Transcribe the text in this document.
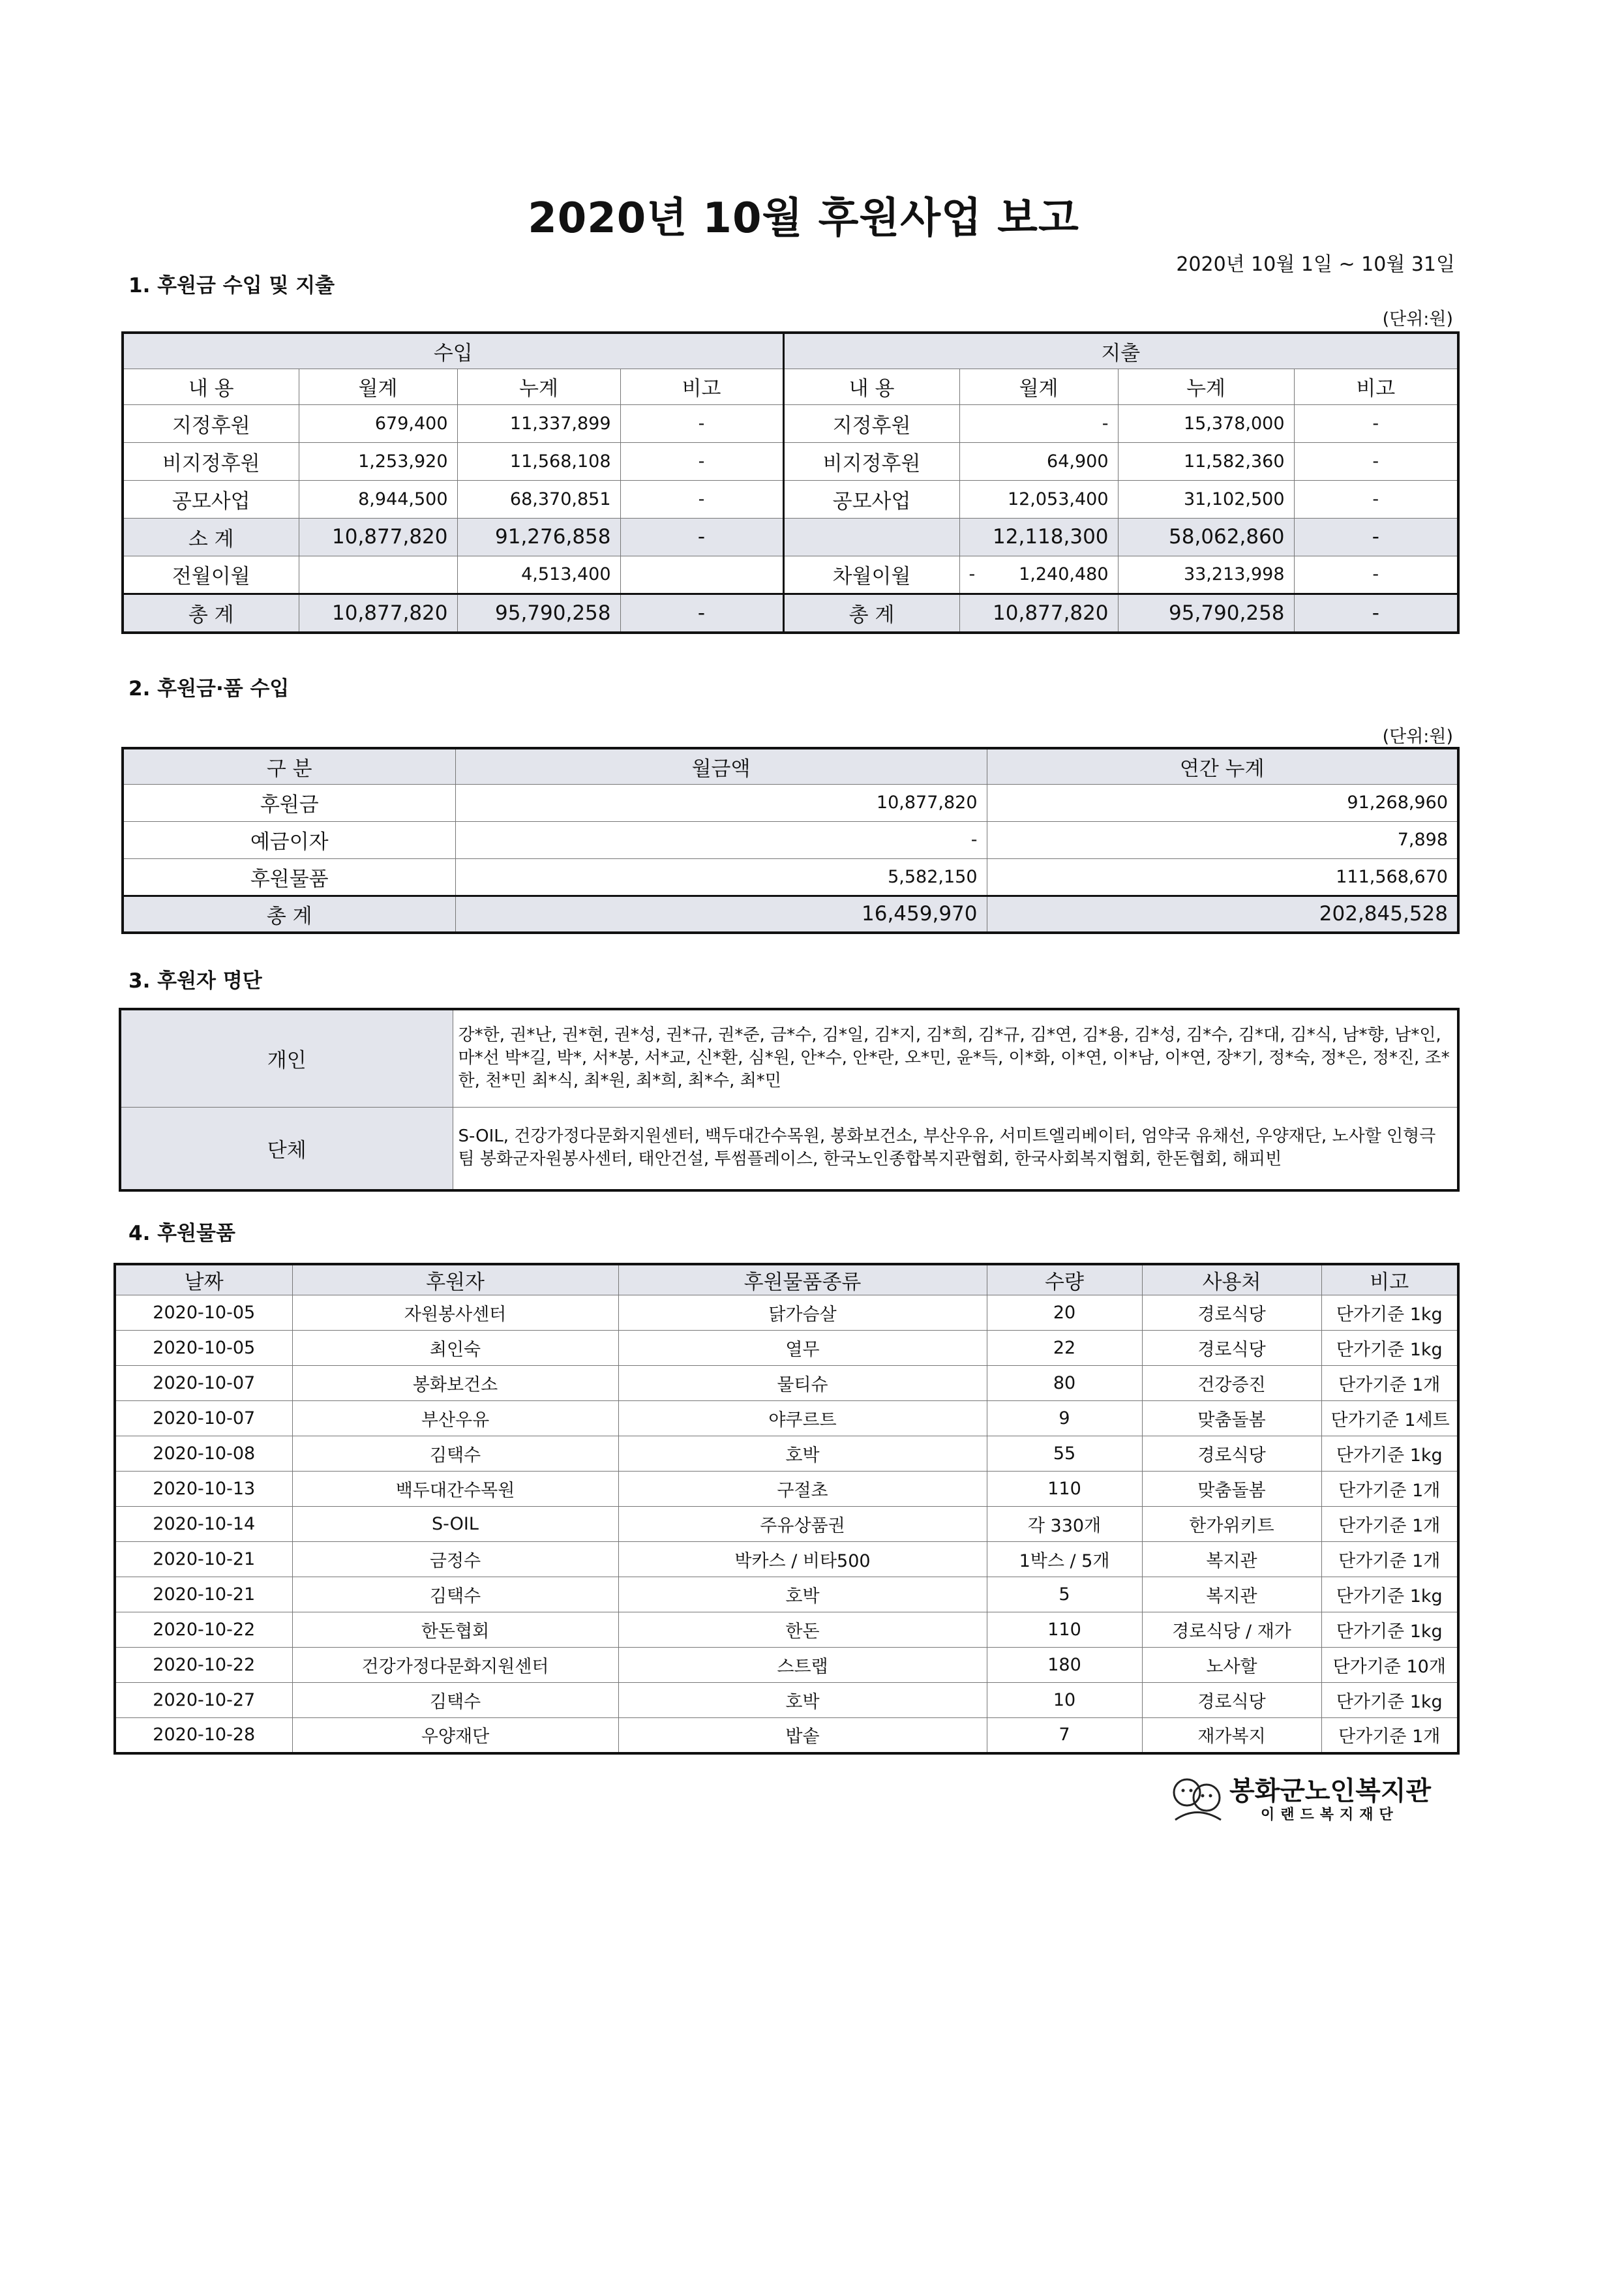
2020년 10월 후원사업 보고
2020년 10월 1일 ~ 10월 31일
1. 후원금 수입 및 지출
(단위:원)
수입				지출			
내 용	월계	누계	비고	내 용	월계	누계	비고
지정후원	679,400	11,337,899	-	지정후원	-	15,378,000	-
비지정후원	1,253,920	11,568,108	-	비지정후원	64,900	11,582,360	-
공모사업	8,944,500	68,370,851	-	공모사업	12,053,400	31,102,500	-
소 계	10,877,820	91,276,858	-		12,118,300	58,062,860	-
전월이월		4,513,400		차월이월	- 1,240,480	33,213,998	-
총 계	10,877,820	95,790,258	-	총 계	10,877,820	95,790,258	-
2. 후원금·품 수입
(단위:원)
구 분	월금액	연간 누계
후원금	10,877,820	91,268,960
예금이자	-	7,898
후원물품	5,582,150	111,568,670
총 계	16,459,970	202,845,528
3. 후원자 명단
개인	강*한, 권*난, 권*현, 권*성, 권*규, 권*준, 금*수, 김*일, 김*지, 김*희, 김*규, 김*연, 김*용, 김*성, 김*수, 김*대, 김*식, 남*향, 남*인, 마*선 박*길, 박*, 서*봉, 서*교, 신*환, 심*원, 안*수, 안*란, 오*민, 윤*득, 이*화, 이*연, 이*남, 이*연, 장*기, 정*숙, 정*은, 정*진, 조*한, 천*민 최*식, 최*원, 최*희, 최*수, 최*민
단체	S-OIL, 건강가정다문화지원센터, 백두대간수목원, 봉화보건소, 부산우유, 서미트엘리베이터, 엄약국 유채선, 우양재단, 노사할 인형극팀 봉화군자원봉사센터, 태안건설, 투썸플레이스, 한국노인종합복지관협회, 한국사회복지협회, 한돈협회, 해피빈
4. 후원물품
날짜	후원자	후원물품종류	수량	사용처	비고
2020-10-05	자원봉사센터	닭가슴살	20	경로식당	단가기준 1kg
2020-10-05	최인숙	열무	22	경로식당	단가기준 1kg
2020-10-07	봉화보건소	물티슈	80	건강증진	단가기준 1개
2020-10-07	부산우유	야쿠르트	9	맞춤돌봄	단가기준 1세트
2020-10-08	김택수	호박	55	경로식당	단가기준 1kg
2020-10-13	백두대간수목원	구절초	110	맞춤돌봄	단가기준 1개
2020-10-14	S-OIL	주유상품권	각 330개	한가위키트	단가기준 1개
2020-10-21	금정수	박카스 / 비타500	1박스 / 5개	복지관	단가기준 1개
2020-10-21	김택수	호박	5	복지관	단가기준 1kg
2020-10-22	한돈협회	한돈	110	경로식당 / 재가	단가기준 1kg
2020-10-22	건강가정다문화지원센터	스트랩	180	노사할	단가기준 10개
2020-10-27	김택수	호박	10	경로식당	단가기준 1kg
2020-10-28	우양재단	밥솥	7	재가복지	단가기준 1개
봉화군노인복지관
이랜드복지재단
